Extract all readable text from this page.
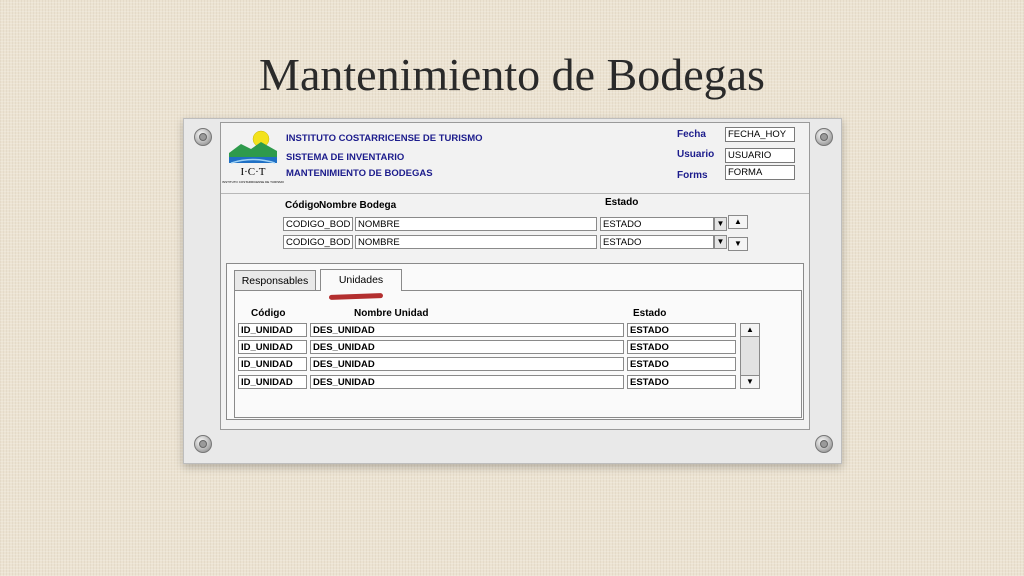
Mantenimiento de Bodegas
I·C·T
INSTITUTO COSTARRICENSE DE TURISMO
INSTITUTO COSTARRICENSE DE TURISMO
SISTEMA DE INVENTARIO
MANTENIMIENTO DE BODEGAS
Fecha	FECHA_HOY
Usuario	USUARIO
Forms	FORMA
Código Nombre Bodega	Estado
CODIGO_BOD NOMBRE	ESTADO	▼
CODIGO_BOD NOMBRE	ESTADO	▼
▲
▼
Responsables	Unidades
Código	Nombre Unidad	Estado
ID_UNIDAD	DES_UNIDAD	ESTADO
ID_UNIDAD	DES_UNIDAD	ESTADO
ID_UNIDAD	DES_UNIDAD	ESTADO
ID_UNIDAD	DES_UNIDAD	ESTADO
▲
▼
